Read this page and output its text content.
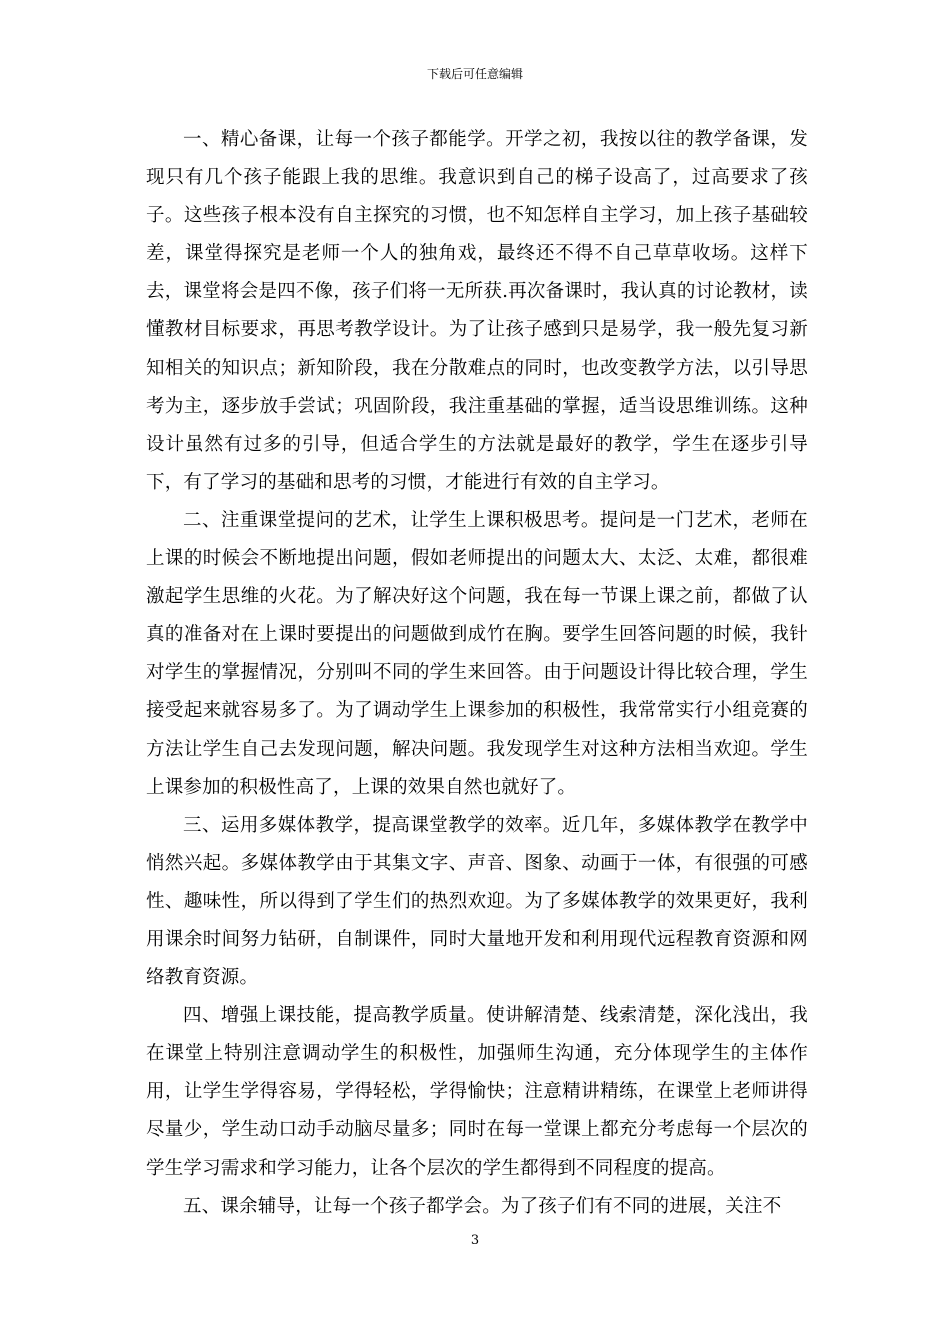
下载后可任意编辑

一、精心备课，让每一个孩子都能学。开学之初，我按以往的教学备课，发现只有几个孩子能跟上我的思维。我意识到自己的梯子设高了，过高要求了孩子。这些孩子根本没有自主探究的习惯，也不知怎样自主学习，加上孩子基础较差，课堂得探究是老师一个人的独角戏，最终还不得不自己草草收场。这样下去，课堂将会是四不像，孩子们将一无所获.再次备课时，我认真的讨论教材，读懂教材目标要求，再思考教学设计。为了让孩子感到只是易学，我一般先复习新知相关的知识点；新知阶段，我在分散难点的同时，也改变教学方法，以引导思考为主，逐步放手尝试；巩固阶段，我注重基础的掌握，适当设思维训练。这种设计虽然有过多的引导，但适合学生的方法就是最好的教学，学生在逐步引导下，有了学习的基础和思考的习惯，才能进行有效的自主学习。

二、注重课堂提问的艺术，让学生上课积极思考。提问是一门艺术，老师在上课的时候会不断地提出问题，假如老师提出的问题太大、太泛、太难，都很难激起学生思维的火花。为了解决好这个问题，我在每一节课上课之前，都做了认真的准备对在上课时要提出的问题做到成竹在胸。要学生回答问题的时候，我针对学生的掌握情况，分别叫不同的学生来回答。由于问题设计得比较合理，学生接受起来就容易多了。为了调动学生上课参加的积极性，我常常实行小组竞赛的方法让学生自己去发现问题，解决问题。我发现学生对这种方法相当欢迎。学生上课参加的积极性高了，上课的效果自然也就好了。

三、运用多媒体教学，提高课堂教学的效率。近几年，多媒体教学在教学中悄然兴起。多媒体教学由于其集文字、声音、图象、动画于一体，有很强的可感性、趣味性，所以得到了学生们的热烈欢迎。为了多媒体教学的效果更好，我利用课余时间努力钻研，自制课件，同时大量地开发和利用现代远程教育资源和网络教育资源。

四、增强上课技能，提高教学质量。使讲解清楚、线索清楚，深化浅出，我在课堂上特别注意调动学生的积极性，加强师生沟通，充分体现学生的主体作用，让学生学得容易，学得轻松，学得愉快；注意精讲精练，在课堂上老师讲得尽量少，学生动口动手动脑尽量多；同时在每一堂课上都充分考虑每一个层次的学生学习需求和学习能力，让各个层次的学生都得到不同程度的提高。

五、课余辅导，让每一个孩子都学会。为了孩子们有不同的进展，关注不

3
